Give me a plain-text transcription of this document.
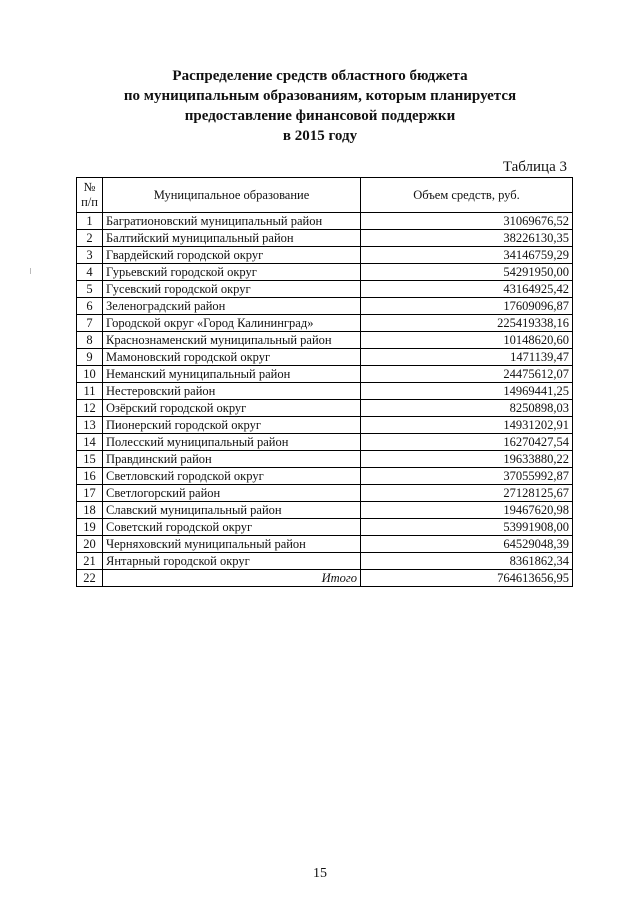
Распределение средств областного бюджета
по муниципальным образованиям, которым планируется
предоставление финансовой поддержки
в 2015 году
Таблица 3
№
п/п	Муниципальное образование	Объем средств, руб.
1	Багратионовский муниципальный район	31069676,52
2	Балтийский муниципальный район	38226130,35
3	Гвардейский городской округ	34146759,29
4	Гурьевский городской округ	54291950,00
5	Гусевский городской округ	43164925,42
6	Зеленоградский район	17609096,87
7	Городской округ «Город Калининград»	225419338,16
8	Краснознаменский муниципальный район	10148620,60
9	Мамоновский городской округ	1471139,47
10	Неманский муниципальный район	24475612,07
11	Нестеровский район	14969441,25
12	Озёрский городской округ	8250898,03
13	Пионерский городской округ	14931202,91
14	Полесский муниципальный район	16270427,54
15	Правдинский район	19633880,22
16	Светловский городской округ	37055992,87
17	Светлогорский район	27128125,67
18	Славский муниципальный район	19467620,98
19	Советский городской округ	53991908,00
20	Черняховский муниципальный район	64529048,39
21	Янтарный городской округ	8361862,34
22	Итого	764613656,95
15
